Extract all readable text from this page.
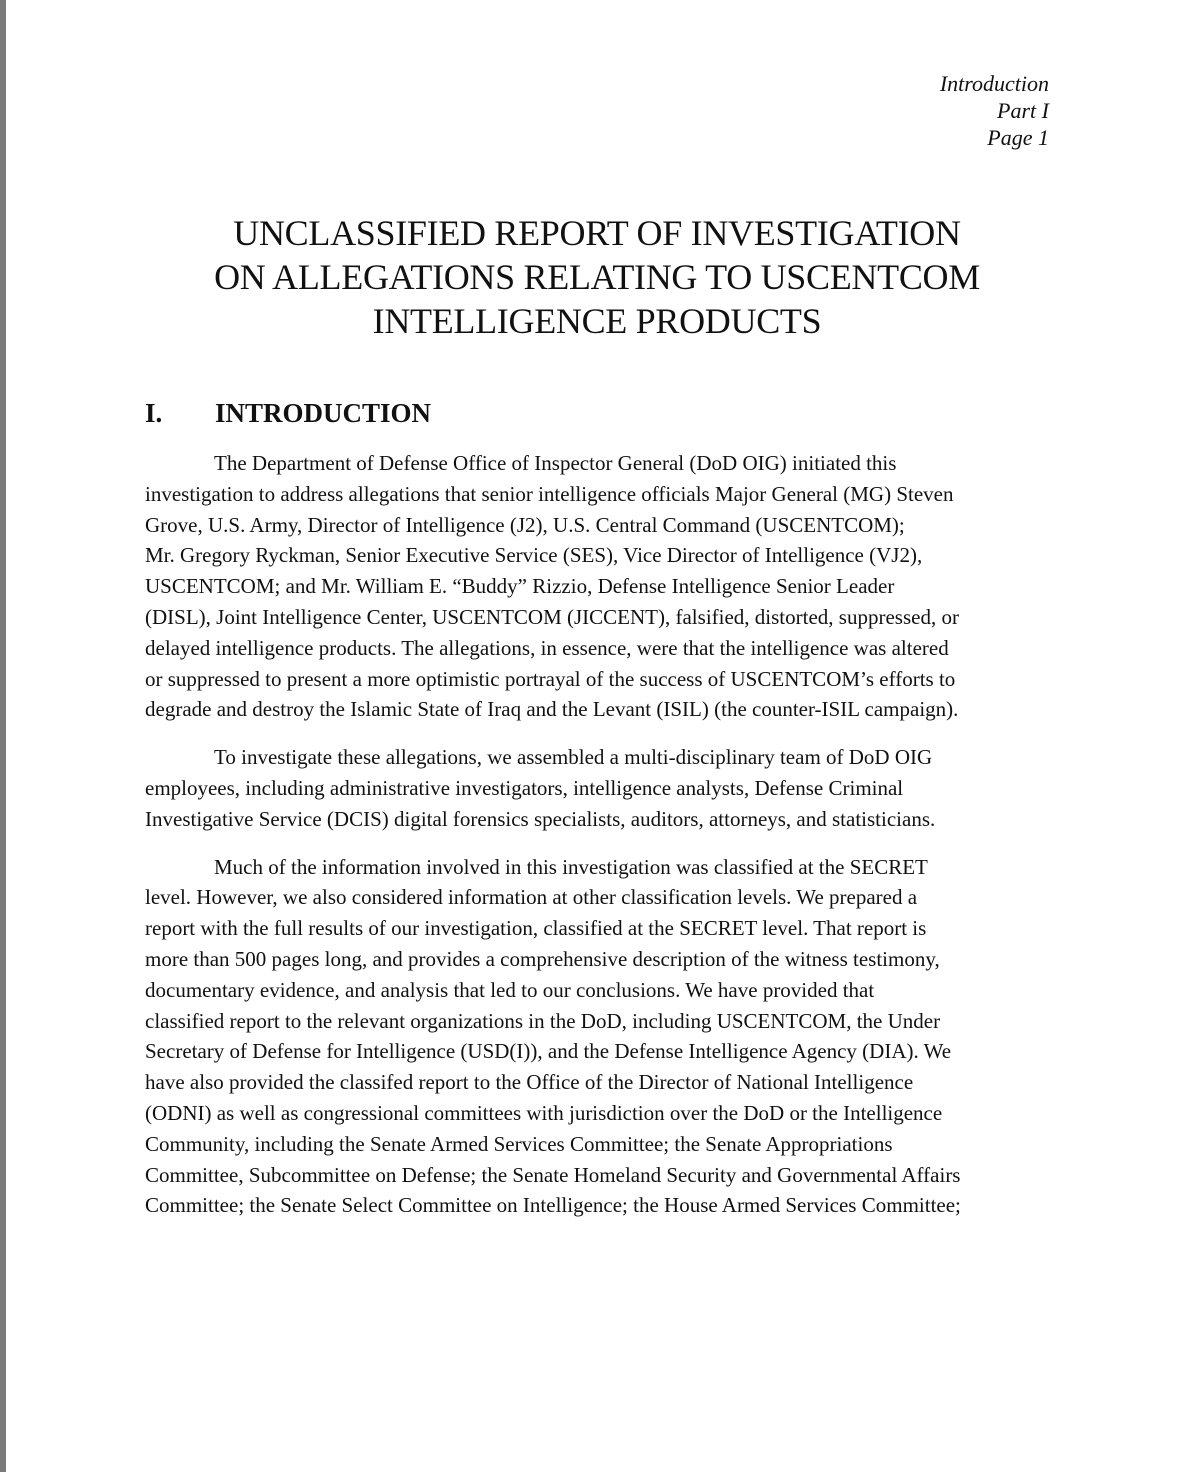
Introduction
Part I
Page 1
UNCLASSIFIED REPORT OF INVESTIGATION
ON ALLEGATIONS RELATING TO USCENTCOM
INTELLIGENCE PRODUCTS
I. INTRODUCTION
The Department of Defense Office of Inspector General (DoD OIG) initiated this
investigation to address allegations that senior intelligence officials Major General (MG) Steven
Grove, U.S. Army, Director of Intelligence (J2), U.S. Central Command (USCENTCOM);
Mr. Gregory Ryckman, Senior Executive Service (SES), Vice Director of Intelligence (VJ2),
USCENTCOM; and Mr. William E. “Buddy” Rizzio, Defense Intelligence Senior Leader
(DISL), Joint Intelligence Center, USCENTCOM (JICCENT), falsified, distorted, suppressed, or
delayed intelligence products. The allegations, in essence, were that the intelligence was altered
or suppressed to present a more optimistic portrayal of the success of USCENTCOM’s efforts to
degrade and destroy the Islamic State of Iraq and the Levant (ISIL) (the counter-ISIL campaign).
To investigate these allegations, we assembled a multi-disciplinary team of DoD OIG
employees, including administrative investigators, intelligence analysts, Defense Criminal
Investigative Service (DCIS) digital forensics specialists, auditors, attorneys, and statisticians.
Much of the information involved in this investigation was classified at the SECRET
level. However, we also considered information at other classification levels. We prepared a
report with the full results of our investigation, classified at the SECRET level. That report is
more than 500 pages long, and provides a comprehensive description of the witness testimony,
documentary evidence, and analysis that led to our conclusions. We have provided that
classified report to the relevant organizations in the DoD, including USCENTCOM, the Under
Secretary of Defense for Intelligence (USD(I)), and the Defense Intelligence Agency (DIA). We
have also provided the classifed report to the Office of the Director of National Intelligence
(ODNI) as well as congressional committees with jurisdiction over the DoD or the Intelligence
Community, including the Senate Armed Services Committee; the Senate Appropriations
Committee, Subcommittee on Defense; the Senate Homeland Security and Governmental Affairs
Committee; the Senate Select Committee on Intelligence; the House Armed Services Committee;
